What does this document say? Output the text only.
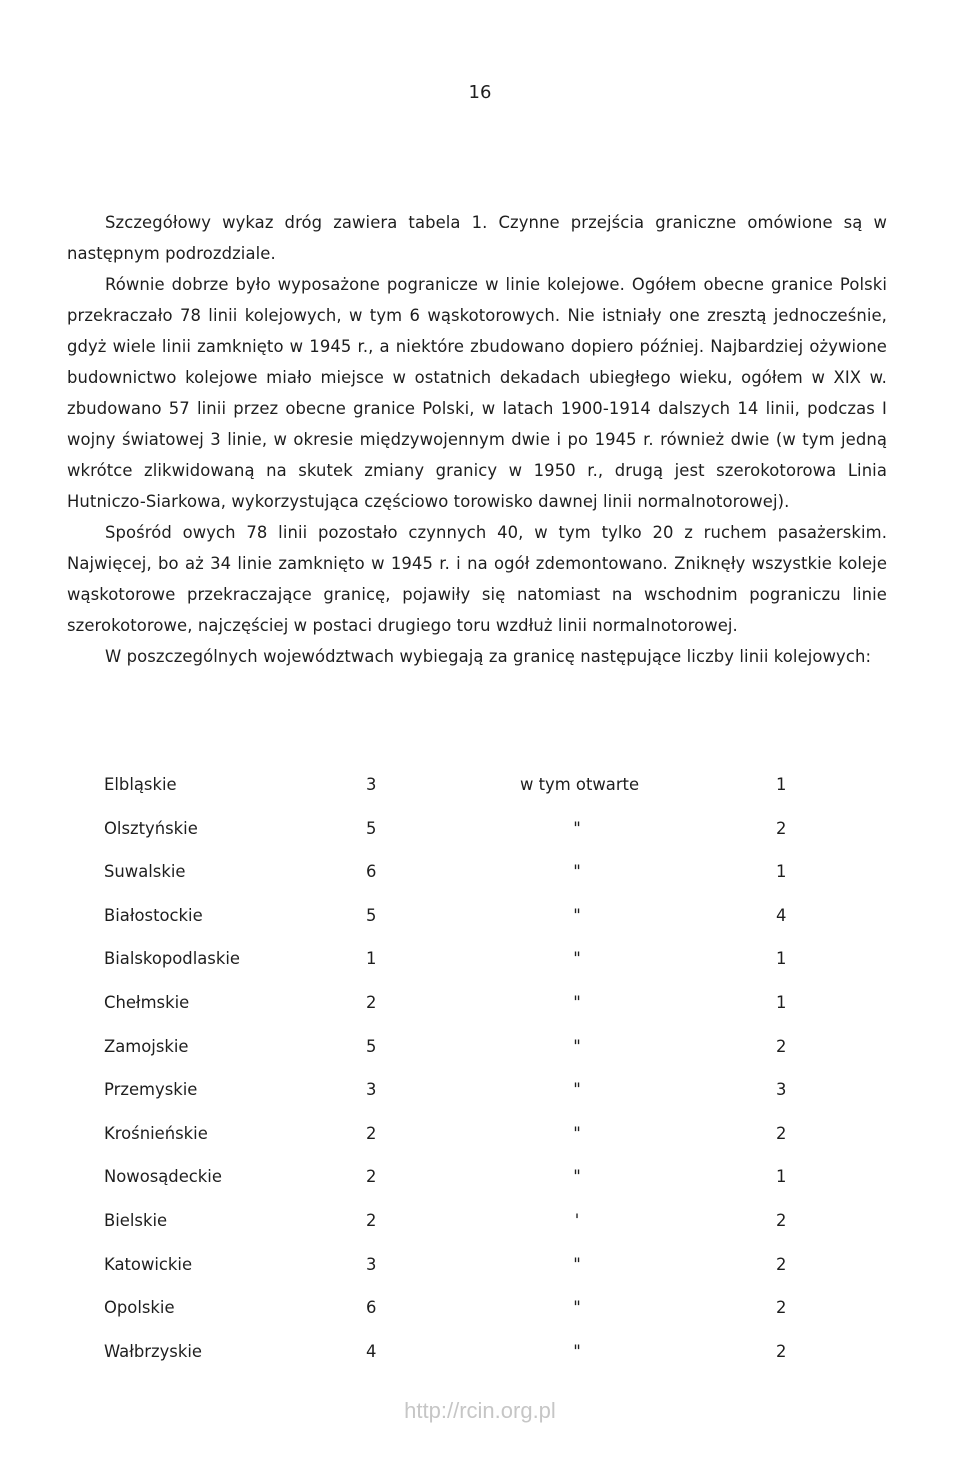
16

Szczegółowy wykaz dróg zawiera tabela 1. Czynne przejścia graniczne omówione są w następnym podrozdziale.

Równie dobrze było wyposażone pogranicze w linie kolejowe. Ogółem obecne granice Polski przekraczało 78 linii kolejowych, w tym 6 wąskotorowych. Nie istniały one zresztą jednocześnie, gdyż wiele linii zamknięto w 1945 r., a niektóre zbudowano dopiero później. Najbardziej ożywione budownictwo kolejowe miało miejsce w ostatnich dekadach ubiegłego wieku, ogółem w XIX w. zbudowano 57 linii przez obecne granice Polski, w latach 1900-1914 dalszych 14 linii, podczas I wojny światowej 3 linie, w okresie międzywojennym dwie i po 1945 r. również dwie (w tym jedną wkrótce zlikwidowaną na skutek zmiany granicy w 1950 r., drugą jest szerokotorowa Linia Hutniczo-Siarkowa, wykorzystująca częściowo torowisko dawnej linii normalnotorowej).

Spośród owych 78 linii pozostało czynnych 40, w tym tylko 20 z ruchem pasażerskim. Najwięcej, bo aż 34 linie zamknięto w 1945 r. i na ogół zdemontowano. Zniknęły wszystkie koleje wąskotorowe przekraczające granicę, pojawiły się natomiast na wschodnim pograniczu linie szerokotorowe, najczęściej w postaci drugiego toru wzdłuż linii normalnotorowej.

W poszczególnych województwach wybiegają za granicę następujące liczby linii kolejowych:

Elbląskie	3	w tym otwarte	1
Olsztyńskie	5	"	2
Suwalskie	6	"	1
Białostockie	5	"	4
Bialskopodlaskie	1	"	1
Chełmskie	2	"	1
Zamojskie	5	"	2
Przemyskie	3	"	3
Krośnieńskie	2	"	2
Nowosądeckie	2	"	1
Bielskie	2	'	2
Katowickie	3	"	2
Opolskie	6	"	2
Wałbrzyskie	4	"	2
http://rcin.org.pl
